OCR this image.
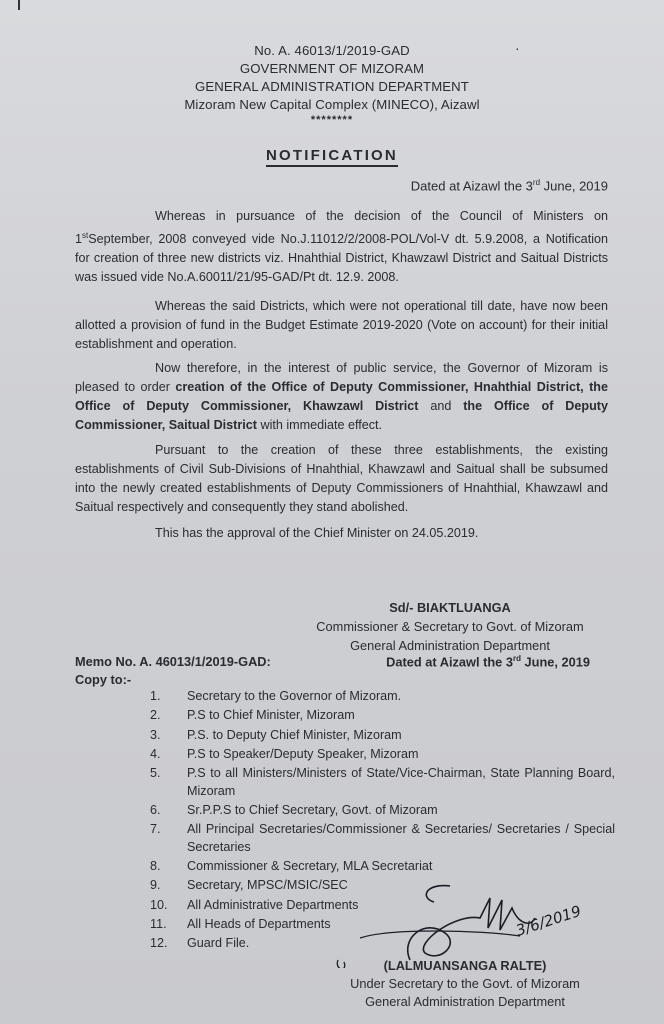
·
No. A. 46013/1/2019-GAD
GOVERNMENT OF MIZORAM
GENERAL ADMINISTRATION DEPARTMENT
Mizoram New Capital Complex (MINECO), Aizawl
********
NOTIFICATION
Dated at Aizawl the 3rd June, 2019
Whereas in pursuance of the decision of the Council of Ministers on 1stSeptember, 2008 conveyed vide No.J.11012/2/2008-POL/Vol-V dt. 5.9.2008, a Notification for creation of three new districts viz. Hnahthial District, Khawzawl District and Saitual Districts was issued vide No.A.60011/21/95-GAD/Pt dt. 12.9. 2008.
Whereas the said Districts, which were not operational till date, have now been allotted a provision of fund in the Budget Estimate 2019-2020 (Vote on account) for their initial establishment and operation.
Now therefore, in the interest of public service, the Governor of Mizoram is pleased to order creation of the Office of Deputy Commissioner, Hnahthial District, the Office of Deputy Commissioner, Khawzawl District and the Office of Deputy Commissioner, Saitual District with immediate effect.
Pursuant to the creation of these three establishments, the existing establishments of Civil Sub-Divisions of Hnahthial, Khawzawl and Saitual shall be subsumed into the newly created establishments of Deputy Commissioners of Hnahthial, Khawzawl and Saitual respectively and consequently they stand abolished.
This has the approval of the Chief Minister on 24.05.2019.
Sd/- BIAKTLUANGA
Commissioner & Secretary to Govt. of Mizoram
General Administration Department
Memo No. A. 46013/1/2019-GAD:	Dated at Aizawl the 3rd June, 2019
Copy to:-
1.	Secretary to the Governor of Mizoram.
2.	P.S to Chief Minister, Mizoram
3.	P.S. to Deputy Chief Minister, Mizoram
4.	P.S to Speaker/Deputy Speaker, Mizoram
5.	P.S to all Ministers/Ministers of State/Vice-Chairman, State Planning Board, Mizoram
6.	Sr.P.P.S to Chief Secretary, Govt. of Mizoram
7.	All Principal Secretaries/Commissioner & Secretaries/ Secretaries / Special Secretaries
8.	Commissioner & Secretary, MLA Secretariat
9.	Secretary, MPSC/MSIC/SEC
10.	All Administrative Departments
11.	All Heads of Departments
12.	Guard File.
3/6/2019
(LALMUANSANGA RALTE)
Under Secretary to the Govt. of Mizoram
General Administration Department
